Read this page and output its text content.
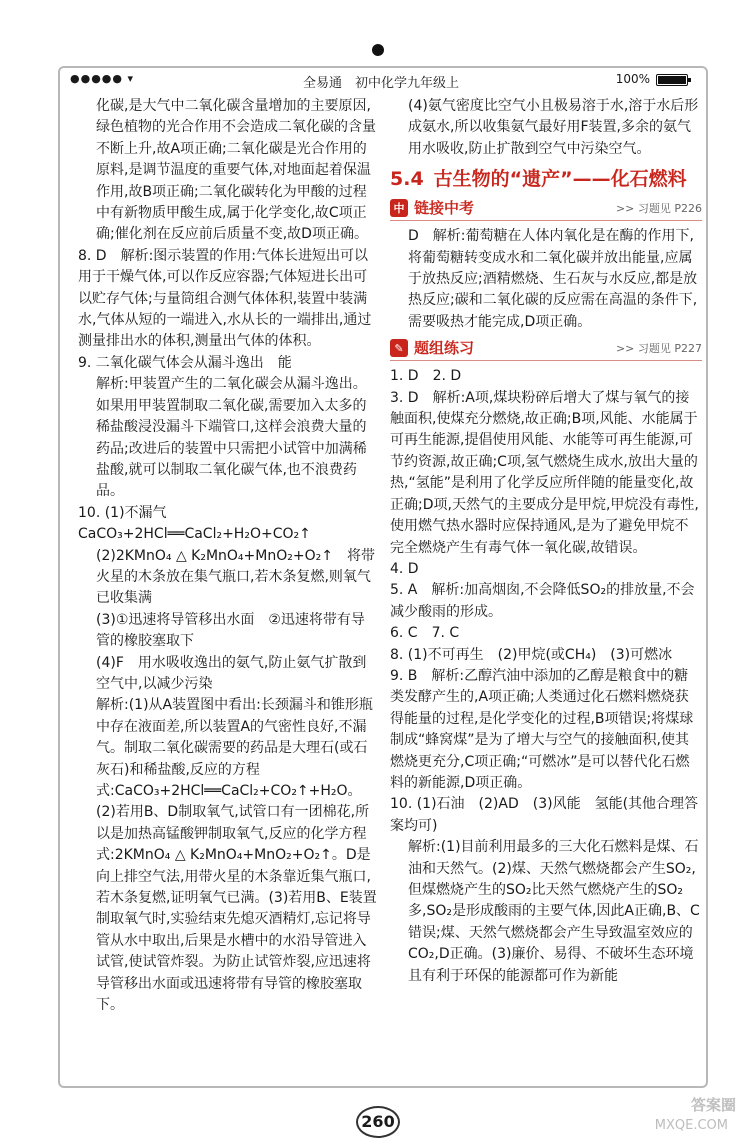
●●●●● ▾	全易通　初中化学九年级上	100%

化碳,是大气中二氧化碳含量增加的主要原因,绿色植物的光合作用不会造成二氧化碳的含量不断上升,故A项正确;二氧化碳是光合作用的原料,是调节温度的重要气体,对地面起着保温作用,故B项正确;二氧化碳转化为甲酸的过程中有新物质甲酸生成,属于化学变化,故C项正确;催化剂在反应前后质量不变,故D项正确。

8. D　解析:图示装置的作用:气体长进短出可以用于干燥气体,可以作反应容器;气体短进长出可以贮存气体;与量筒组合测气体体积,装置中装满水,气体从短的一端进入,水从长的一端排出,通过测量排出水的体积,测量出气体的体积。

9. 二氧化碳气体会从漏斗逸出　能

解析:甲装置产生的二氧化碳会从漏斗逸出。如果用甲装置制取二氧化碳,需要加入太多的稀盐酸浸没漏斗下端管口,这样会浪费大量的药品;改进后的装置中只需把小试管中加满稀盐酸,就可以制取二氧化碳气体,也不浪费药品。

10. (1)不漏气　CaCO₃+2HCl══CaCl₂+H₂O+CO₂↑

(2)2KMnO₄ △ K₂MnO₄+MnO₂+O₂↑　将带火星的木条放在集气瓶口,若木条复燃,则氧气已收集满

(3)①迅速将导管移出水面　②迅速将带有导管的橡胶塞取下

(4)F　用水吸收逸出的氨气,防止氨气扩散到空气中,以减少污染

解析:(1)从A装置图中看出:长颈漏斗和锥形瓶中存在液面差,所以装置A的气密性良好,不漏气。制取二氧化碳需要的药品是大理石(或石灰石)和稀盐酸,反应的方程式:CaCO₃+2HCl══CaCl₂+CO₂↑+H₂O。(2)若用B、D制取氧气,试管口有一团棉花,所以是加热高锰酸钾制取氧气,反应的化学方程式:2KMnO₄ △ K₂MnO₄+MnO₂+O₂↑。D是向上排空气法,用带火星的木条靠近集气瓶口,若木条复燃,证明氧气已满。(3)若用B、E装置制取氧气时,实验结束先熄灭酒精灯,忘记将导管从水中取出,后果是水槽中的水沿导管进入试管,使试管炸裂。为防止试管炸裂,应迅速将导管移出水面或迅速将带有导管的橡胶塞取下。

(4)氨气密度比空气小且极易溶于水,溶于水后形成氨水,所以收集氨气最好用F装置,多余的氨气用水吸收,防止扩散到空气中污染空气。

5.4 古生物的“遗产”——化石燃料
中 链接中考	>> 习题见 P226

D　解析:葡萄糖在人体内氧化是在酶的作用下,将葡萄糖转变成水和二氧化碳并放出能量,应属于放热反应;酒精燃烧、生石灰与水反应,都是放热反应;碳和二氧化碳的反应需在高温的条件下,需要吸热才能完成,D项正确。

✎ 题组练习	>> 习题见 P227

1. D　2. D

3. D　解析:A项,煤块粉碎后增大了煤与氧气的接触面积,使煤充分燃烧,故正确;B项,风能、水能属于可再生能源,提倡使用风能、水能等可再生能源,可节约资源,故正确;C项,氢气燃烧生成水,放出大量的热,“氢能”是利用了化学反应所伴随的能量变化,故正确;D项,天然气的主要成分是甲烷,甲烷没有毒性,使用燃气热水器时应保持通风,是为了避免甲烷不完全燃烧产生有毒气体一氧化碳,故错误。

4. D

5. A　解析:加高烟囱,不会降低SO₂的排放量,不会减少酸雨的形成。

6. C　7. C

8. (1)不可再生　(2)甲烷(或CH₄)　(3)可燃冰

9. B　解析:乙醇汽油中添加的乙醇是粮食中的糖类发酵产生的,A项正确;人类通过化石燃料燃烧获得能量的过程,是化学变化的过程,B项错误;将煤球制成“蜂窝煤”是为了增大与空气的接触面积,使其燃烧更充分,C项正确;“可燃冰”是可以替代化石燃料的新能源,D项正确。

10. (1)石油　(2)AD　(3)风能　氢能(其他合理答案均可)

解析:(1)目前利用最多的三大化石燃料是煤、石油和天然气。(2)煤、天然气燃烧都会产生SO₂,但煤燃烧产生的SO₂比天然气燃烧产生的SO₂多,SO₂是形成酸雨的主要气体,因此A正确,B、C错误;煤、天然气燃烧都会产生导致温室效应的CO₂,D正确。(3)廉价、易得、不破坏生态环境且有利于环保的能源都可作为新能

260
答案圈
MXQE.COM
